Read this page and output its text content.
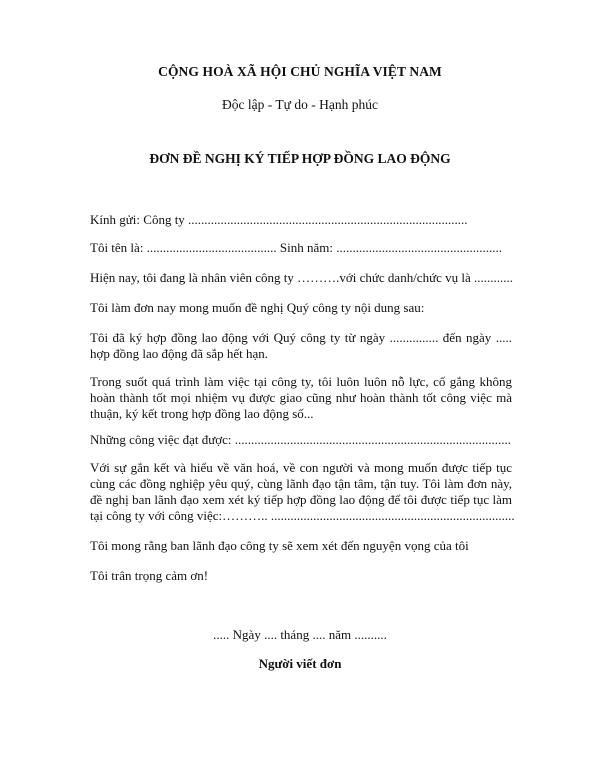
CỘNG HOÀ XÃ HỘI CHỦ NGHĨA VIỆT NAM
Độc lập - Tự do - Hạnh phúc
ĐƠN ĐỀ NGHỊ KÝ TIẾP HỢP ĐỒNG LAO ĐỘNG
Kính gửi: Công ty ......................................................................................
Tôi tên là: ........................................ Sinh năm: ...................................................
Hiện nay, tôi đang là nhân viên công ty ……….với chức danh/chức vụ là ............
Tôi làm đơn nay mong muốn đề nghị Quý công ty nội dung sau:
Tôi đã ký hợp đồng lao động với Quý công ty từ ngày ............... đến ngày .....
hợp đồng lao động đã sắp hết hạn.
Trong suốt quá trình làm việc tại công ty, tôi luôn luôn nỗ lực, cố gắng không
hoàn thành tốt mọi nhiệm vụ được giao cũng như hoàn thành tốt công việc mà
thuận, ký kết trong hợp đồng lao động số...
Những công việc đạt được: .....................................................................................
Với sự gắn kết và hiểu về văn hoá, về con người và mong muốn được tiếp tục
cùng các đồng nghiệp yêu quý, cùng lãnh đạo tận tâm, tận tuy. Tôi làm đơn này,
đề nghị ban lãnh đạo xem xét ký tiếp hợp đồng lao động để tôi được tiếp tục làm
tại công ty với công việc:……….. ...........................................................................
Tôi mong rằng ban lãnh đạo công ty sẽ xem xét đến nguyện vọng của tôi
Tôi trân trọng cảm ơn!
..... Ngày .... tháng .... năm ..........
Người viết đơn
